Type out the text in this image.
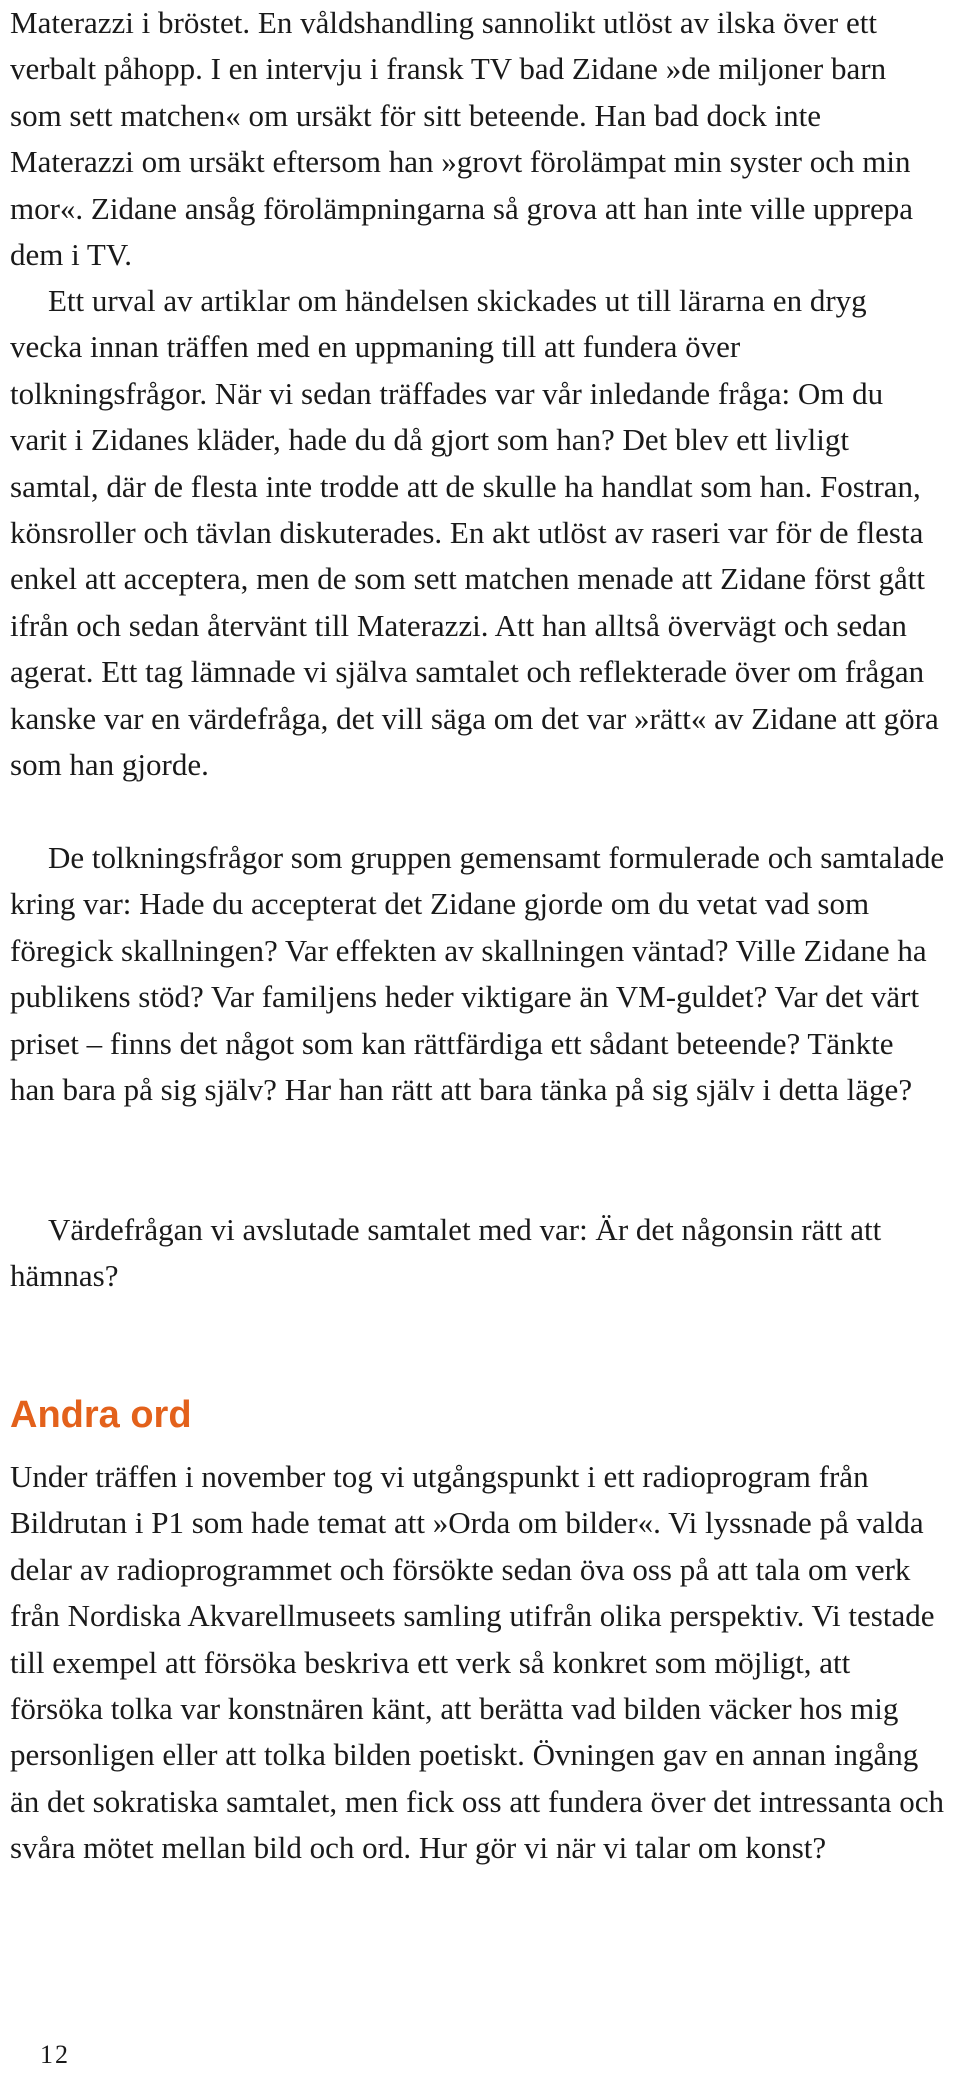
Materazzi i bröstet. En våldshandling sannolikt utlöst av ilska över ett verbalt påhopp. I en intervju i fransk TV bad Zidane »de miljoner barn som sett matchen« om ursäkt för sitt beteende. Han bad dock inte Materazzi om ursäkt eftersom han »grovt förolämpat min syster och min mor«. Zidane ansåg förolämpningarna så grova att han inte ville upprepa dem i TV.

Ett urval av artiklar om händelsen skickades ut till lärarna en dryg vecka innan träffen med en uppmaning till att fundera över tolkningsfrågor. När vi sedan träffades var vår inledande fråga: Om du varit i Zidanes kläder, hade du då gjort som han? Det blev ett livligt samtal, där de flesta inte trodde att de skulle ha handlat som han. Fostran, könsroller och tävlan diskuterades. En akt utlöst av raseri var för de flesta enkel att acceptera, men de som sett matchen menade att Zidane först gått ifrån och sedan återvänt till Materazzi. Att han alltså övervägt och sedan agerat. Ett tag lämnade vi själva samtalet och reflekterade över om frågan kanske var en värdefråga, det vill säga om det var »rätt« av Zidane att göra som han gjorde.

De tolkningsfrågor som gruppen gemensamt formulerade och samtalade kring var: Hade du accepterat det Zidane gjorde om du vetat vad som föregick skallningen? Var effekten av skallningen väntad? Ville Zidane ha publikens stöd? Var familjens heder viktigare än VM-guldet? Var det värt priset – finns det något som kan rättfärdiga ett sådant beteende? Tänkte han bara på sig själv? Har han rätt att bara tänka på sig själv i detta läge?

Värdefrågan vi avslutade samtalet med var: Är det någonsin rätt att hämnas?

Andra ord

Under träffen i november tog vi utgångspunkt i ett radioprogram från Bildrutan i P1 som hade temat att »Orda om bilder«. Vi lyssnade på valda delar av radioprogrammet och försökte sedan öva oss på att tala om verk från Nordiska Akvarellmuseets samling utifrån olika perspektiv. Vi testade till exempel att försöka beskriva ett verk så konkret som möjligt, att försöka tolka var konstnären känt, att berätta vad bilden väcker hos mig personligen eller att tolka bilden poetiskt. Övningen gav en annan ingång än det sokratiska samtalet, men fick oss att fundera över det intressanta och svåra mötet mellan bild och ord. Hur gör vi när vi talar om konst?

12
